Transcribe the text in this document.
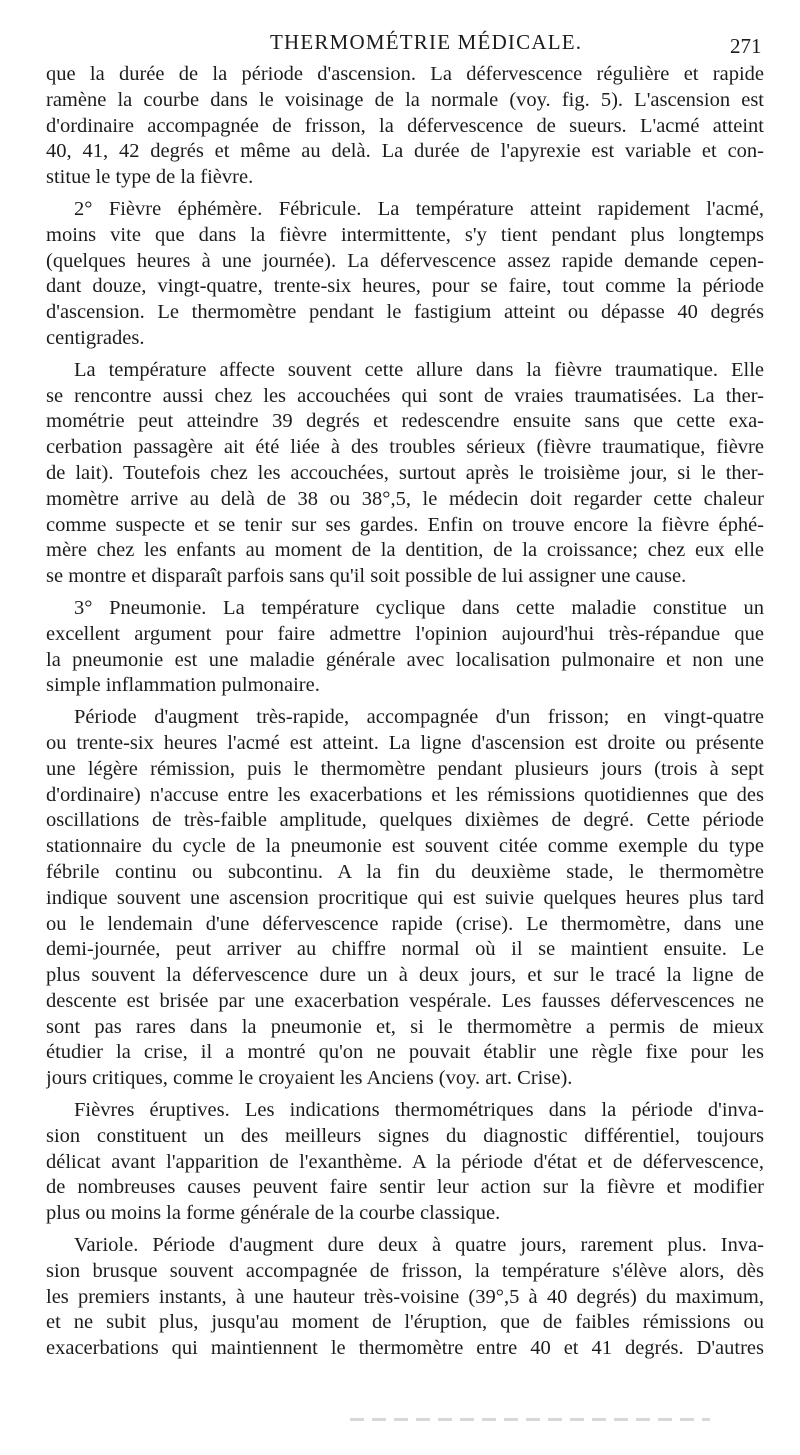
THERMOMÉTRIE MÉDICALE.	271
que la durée de la période d'ascension. La défervescence régulière et rapide
ramène la courbe dans le voisinage de la normale (voy. fig. 5). L'ascension est
d'ordinaire accompagnée de frisson, la défervescence de sueurs. L'acmé atteint
40, 41, 42 degrés et même au delà. La durée de l'apyrexie est variable et con-
stitue le type de la fièvre.
2° Fièvre éphémère. Fébricule. La température atteint rapidement l'acmé,
moins vite que dans la fièvre intermittente, s'y tient pendant plus longtemps
(quelques heures à une journée). La défervescence assez rapide demande cepen-
dant douze, vingt-quatre, trente-six heures, pour se faire, tout comme la période
d'ascension. Le thermomètre pendant le fastigium atteint ou dépasse 40 degrés
centigrades.
La température affecte souvent cette allure dans la fièvre traumatique. Elle
se rencontre aussi chez les accouchées qui sont de vraies traumatisées. La ther-
mométrie peut atteindre 39 degrés et redescendre ensuite sans que cette exa-
cerbation passagère ait été liée à des troubles sérieux (fièvre traumatique, fièvre
de lait). Toutefois chez les accouchées, surtout après le troisième jour, si le ther-
momètre arrive au delà de 38 ou 38°,5, le médecin doit regarder cette chaleur
comme suspecte et se tenir sur ses gardes. Enfin on trouve encore la fièvre éphé-
mère chez les enfants au moment de la dentition, de la croissance; chez eux elle
se montre et disparaît parfois sans qu'il soit possible de lui assigner une cause.
3° Pneumonie. La température cyclique dans cette maladie constitue un
excellent argument pour faire admettre l'opinion aujourd'hui très-répandue que
la pneumonie est une maladie générale avec localisation pulmonaire et non une
simple inflammation pulmonaire.
Période d'augment très-rapide, accompagnée d'un frisson; en vingt-quatre
ou trente-six heures l'acmé est atteint. La ligne d'ascension est droite ou présente
une légère rémission, puis le thermomètre pendant plusieurs jours (trois à sept
d'ordinaire) n'accuse entre les exacerbations et les rémissions quotidiennes que des
oscillations de très-faible amplitude, quelques dixièmes de degré. Cette période
stationnaire du cycle de la pneumonie est souvent citée comme exemple du type
fébrile continu ou subcontinu. A la fin du deuxième stade, le thermomètre
indique souvent une ascension procritique qui est suivie quelques heures plus tard
ou le lendemain d'une défervescence rapide (crise). Le thermomètre, dans une
demi-journée, peut arriver au chiffre normal où il se maintient ensuite. Le
plus souvent la défervescence dure un à deux jours, et sur le tracé la ligne de
descente est brisée par une exacerbation vespérale. Les fausses défervescences ne
sont pas rares dans la pneumonie et, si le thermomètre a permis de mieux
étudier la crise, il a montré qu'on ne pouvait établir une règle fixe pour les
jours critiques, comme le croyaient les Anciens (voy. art. Crise).
Fièvres éruptives. Les indications thermométriques dans la période d'inva-
sion constituent un des meilleurs signes du diagnostic différentiel, toujours
délicat avant l'apparition de l'exanthème. A la période d'état et de défervescence,
de nombreuses causes peuvent faire sentir leur action sur la fièvre et modifier
plus ou moins la forme générale de la courbe classique.
Variole. Période d'augment dure deux à quatre jours, rarement plus. Inva-
sion brusque souvent accompagnée de frisson, la température s'élève alors, dès
les premiers instants, à une hauteur très-voisine (39°,5 à 40 degrés) du maximum,
et ne subit plus, jusqu'au moment de l'éruption, que de faibles rémissions ou
exacerbations qui maintiennent le thermomètre entre 40 et 41 degrés. D'autres
